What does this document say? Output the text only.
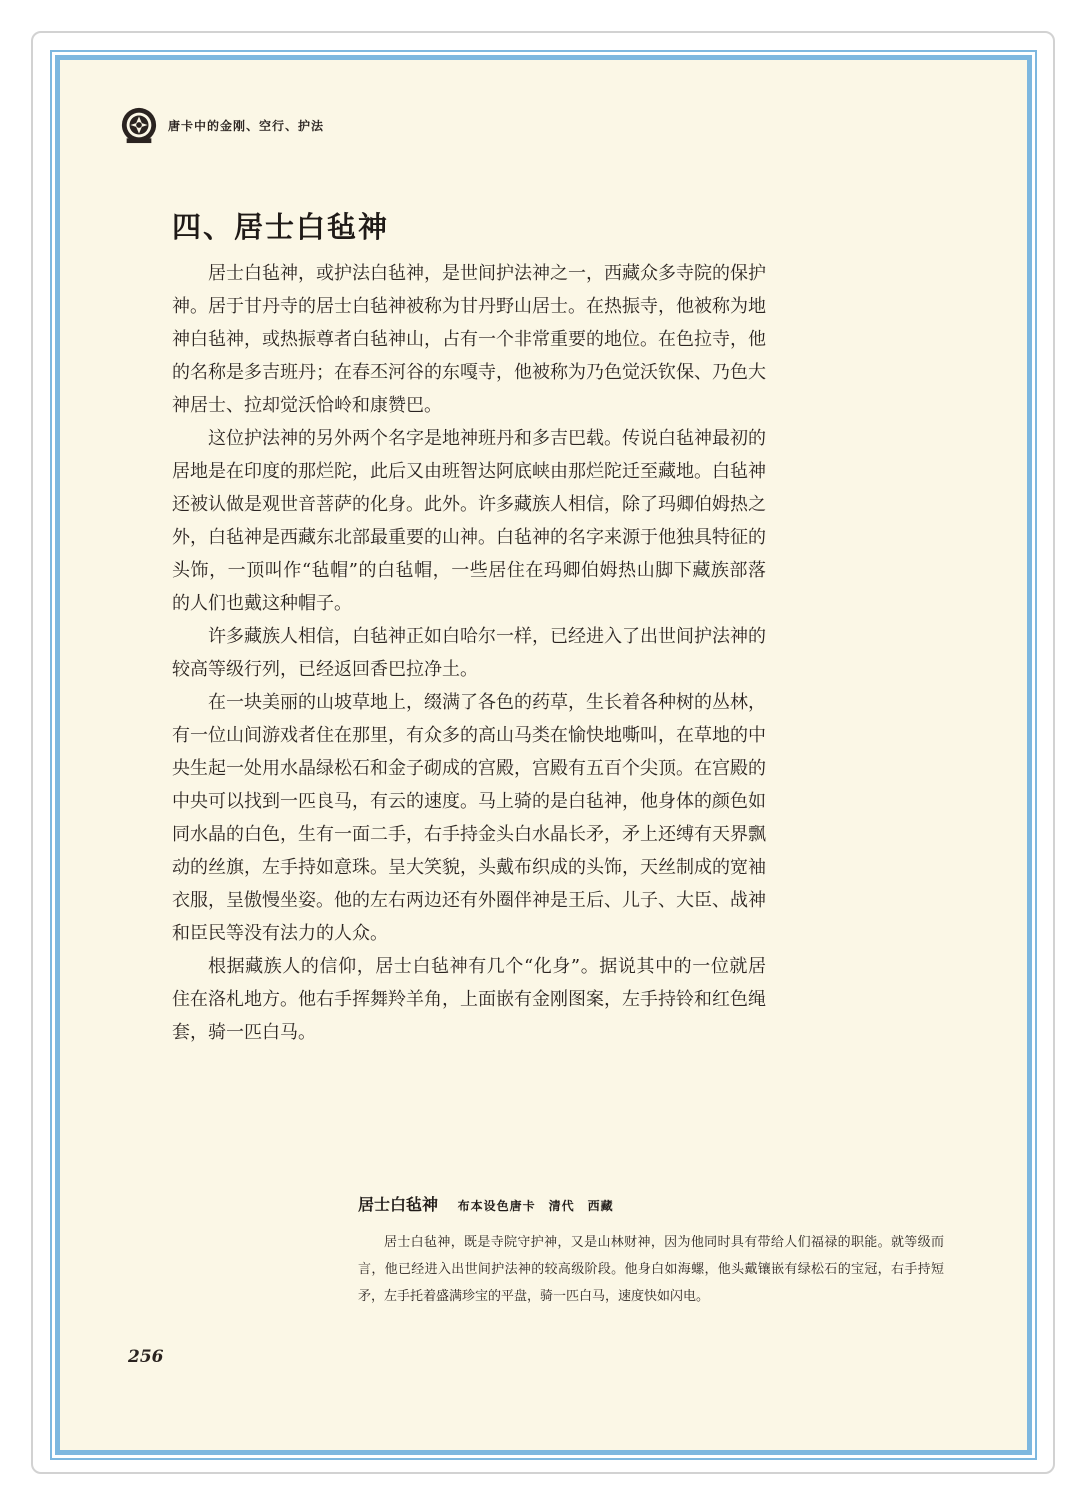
唐卡中的金刚、空行、护法
四、居士白毡神

居士白毡神，或护法白毡神，是世间护法神之一，西藏众多寺院的保护神。居于甘丹寺的居士白毡神被称为甘丹野山居士。在热振寺，他被称为地神白毡神，或热振尊者白毡神山，占有一个非常重要的地位。在色拉寺，他的名称是多吉班丹；在春丕河谷的东嘎寺，他被称为乃色觉沃钦保、乃色大神居士、拉却觉沃恰岭和康赞巴。

这位护法神的另外两个名字是地神班丹和多吉巴载。传说白毡神最初的居地是在印度的那烂陀，此后又由班智达阿底峡由那烂陀迁至藏地。白毡神还被认做是观世音菩萨的化身。此外。许多藏族人相信，除了玛卿伯姆热之外，白毡神是西藏东北部最重要的山神。白毡神的名字来源于他独具特征的头饰，一顶叫作“毡帽”的白毡帽，一些居住在玛卿伯姆热山脚下藏族部落的人们也戴这种帽子。

许多藏族人相信，白毡神正如白哈尔一样，已经进入了出世间护法神的较高等级行列，已经返回香巴拉净土。

在一块美丽的山坡草地上，缀满了各色的药草，生长着各种树的丛林，有一位山间游戏者住在那里，有众多的高山马类在愉快地嘶叫，在草地的中央生起一处用水晶绿松石和金子砌成的宫殿，宫殿有五百个尖顶。在宫殿的中央可以找到一匹良马，有云的速度。马上骑的是白毡神，他身体的颜色如同水晶的白色，生有一面二手，右手持金头白水晶长矛，矛上还缚有天界飘动的丝旗，左手持如意珠。呈大笑貌，头戴布织成的头饰，天丝制成的宽袖衣服，呈傲慢坐姿。他的左右两边还有外圈伴神是王后、儿子、大臣、战神和臣民等没有法力的人众。

根据藏族人的信仰，居士白毡神有几个“化身”。据说其中的一位就居住在洛札地方。他右手挥舞羚羊角，上面嵌有金刚图案，左手持铃和红色绳套，骑一匹白马。

居士白毡神 布本设色唐卡　清代　西藏

居士白毡神，既是寺院守护神，又是山林财神，因为他同时具有带给人们福禄的职能。就等级而言，他已经进入出世间护法神的较高级阶段。他身白如海螺，他头戴镶嵌有绿松石的宝冠，右手持短矛，左手托着盛满珍宝的平盘，骑一匹白马，速度快如闪电。

256
